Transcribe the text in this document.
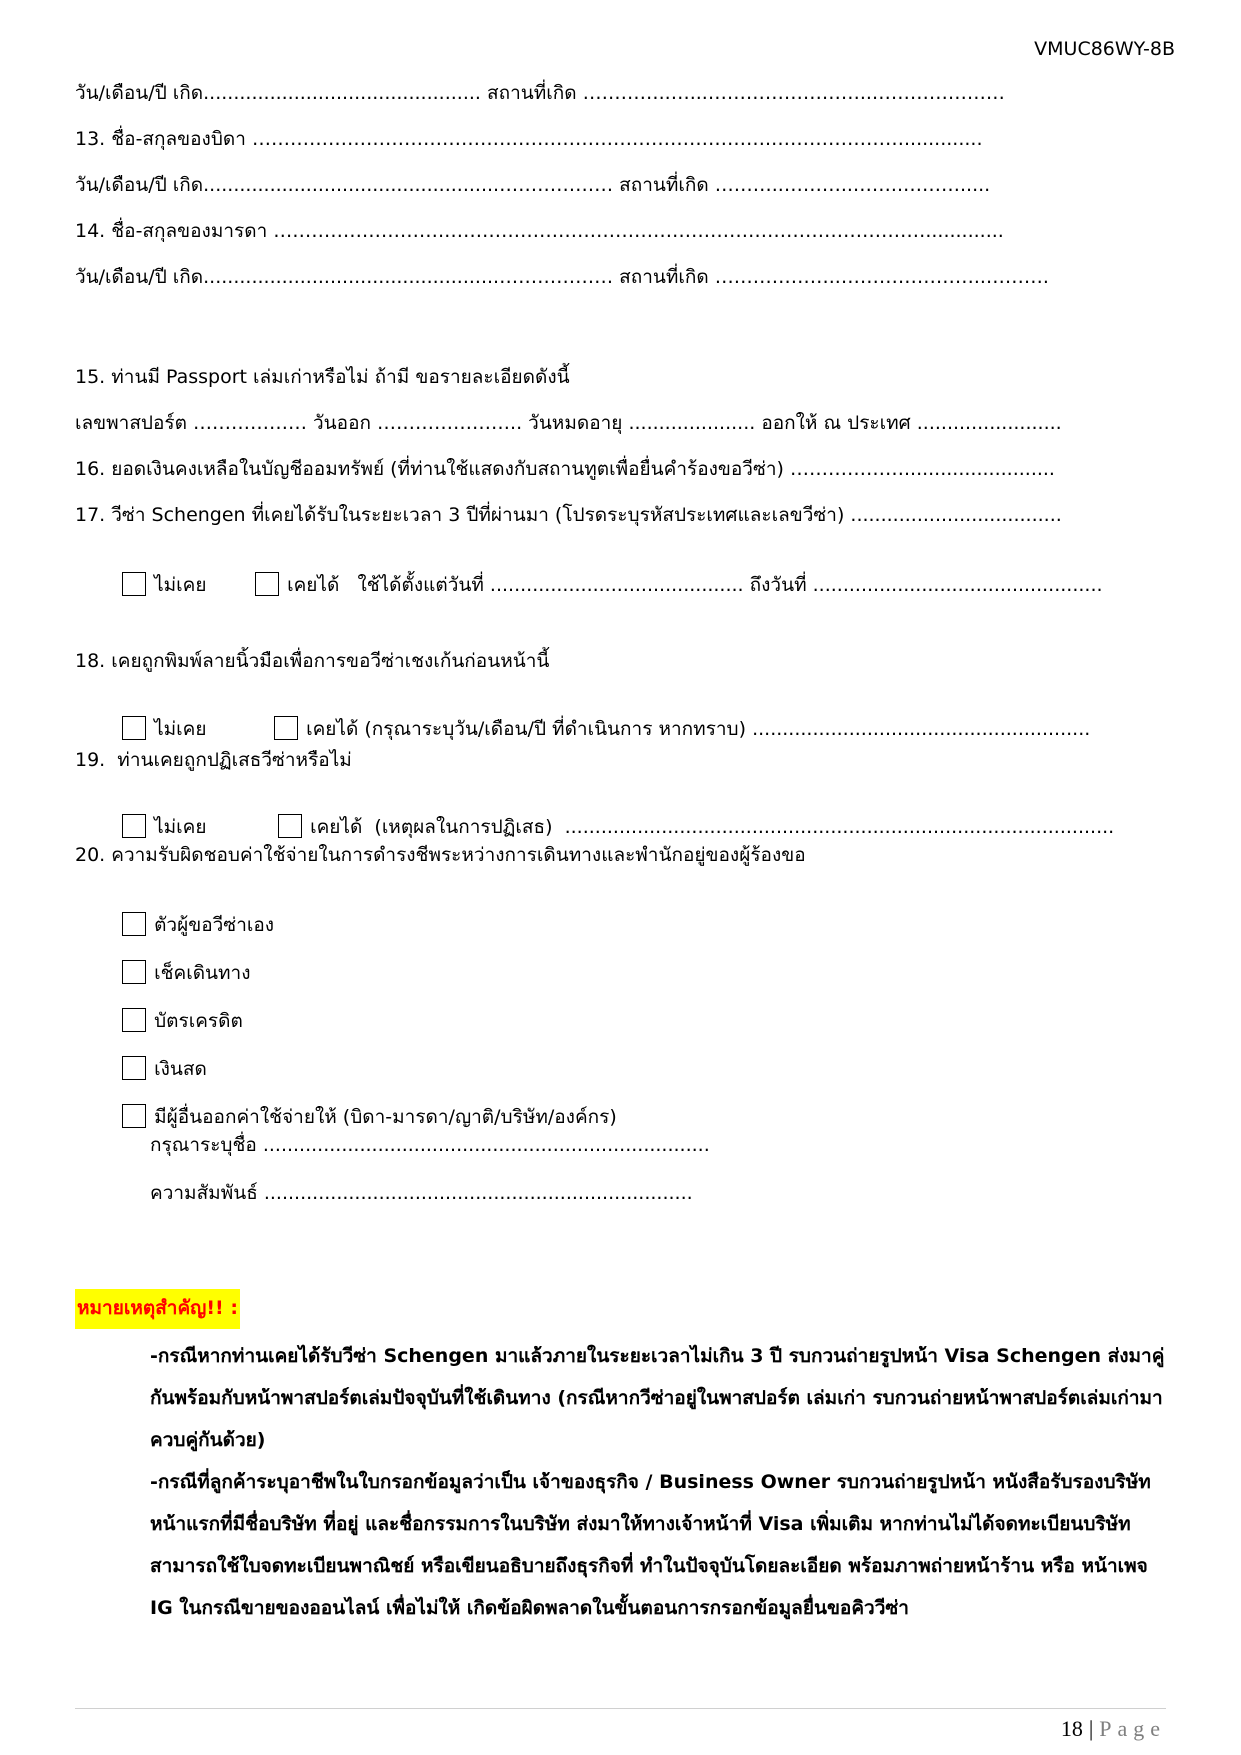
VMUC86WY-8B
วัน/เดือน/ปี เกิด.............................................. สถานที่เกิด …………..…...……………………..…………………
13. ชื่อ-สกุลของบิดา ……………………………………………………………………….………………….............
วัน/เดือน/ปี เกิด.................................................……………… สถานที่เกิด ………..………..……..……….....
14. ชื่อ-สกุลของมารดา ……………………….………………………………………………………………….............
วัน/เดือน/ปี เกิด.................................................……………… สถานที่เกิด ………………..…………………..……….
15. ท่านมี Passport เล่มเก่าหรือไม่ ถ้ามี ขอรายละเอียดดังนี้
เลขพาสปอร์ต ……………… วันออก ………………….. วันหมดอายุ ..................... ออกให้ ณ ประเทศ ........................
16. ยอดเงินคงเหลือในบัญชีออมทรัพย์ (ที่ท่านใช้แสดงกับสถานทูตเพื่อยื่นคำร้องขอวีซ่า) ……………….........................
17. วีซ่า Schengen ที่เคยได้รับในระยะเวลา 3 ปีที่ผ่านมา (โปรดระบุรหัสประเทศและเลขวีซ่า) ...................................

ไม่เคย	เคยได้   ใช้ได้ตั้งแต่วันที่ .......................................... ถึงวันที่ ................................................

18. เคยถูกพิมพ์ลายนิ้วมือเพื่อการขอวีซ่าเชงเก้นก่อนหน้านี้

ไม่เคย	เคยได้ (กรุณาระบุวัน/เดือน/ปี ที่ดำเนินการ หากทราบ) ........................................................

19.  ท่านเคยถูกปฏิเสธวีซ่าหรือไม่

ไม่เคย	เคยได้  (เหตุผลในการปฏิเสธ)  ...........................................................................................

20. ความรับผิดชอบค่าใช้จ่ายในการดำรงชีพระหว่างการเดินทางและพำนักอยู่ของผู้ร้องขอ

ตัวผู้ขอวีซ่าเอง

เช็คเดินทาง

บัตรเครดิต

เงินสด

มีผู้อื่นออกค่าใช้จ่ายให้ (บิดา-มารดา/ญาติ/บริษัท/องค์กร)

กรุณาระบุชื่อ ..........................................................................
ความสัมพันธ์ .......................................................................
หมายเหตุสำคัญ!! :

-กรณีหากท่านเคยได้รับวีซ่า Schengen มาแล้วภายในระยะเวลาไม่เกิน 3 ปี รบกวนถ่ายรูปหน้า Visa Schengen ส่งมาคู่กันพร้อมกับหน้าพาสปอร์ตเล่มปัจจุบันที่ใช้เดินทาง (กรณีหากวีซ่าอยู่ในพาสปอร์ต เล่มเก่า รบกวนถ่ายหน้าพาสปอร์ตเล่มเก่ามาควบคู่กันด้วย)

-กรณีที่ลูกค้าระบุอาชีพในใบกรอกข้อมูลว่าเป็น เจ้าของธุรกิจ / Business Owner รบกวนถ่ายรูปหน้า หนังสือรับรองบริษัท หน้าแรกที่มีชื่อบริษัท ที่อยู่ และชื่อกรรมการในบริษัท ส่งมาให้ทางเจ้าหน้าที่ Visa เพิ่มเติม หากท่านไม่ได้จดทะเบียนบริษัท สามารถใช้ใบจดทะเบียนพาณิชย์ หรือเขียนอธิบายถึงธุรกิจที่ ทำในปัจจุบันโดยละเอียด พร้อมภาพถ่ายหน้าร้าน หรือ หน้าเพจ IG ในกรณีขายของออนไลน์ เพื่อไม่ให้ เกิดข้อผิดพลาดในขั้นตอนการกรอกข้อมูลยื่นขอคิววีซ่า

18 | Page
